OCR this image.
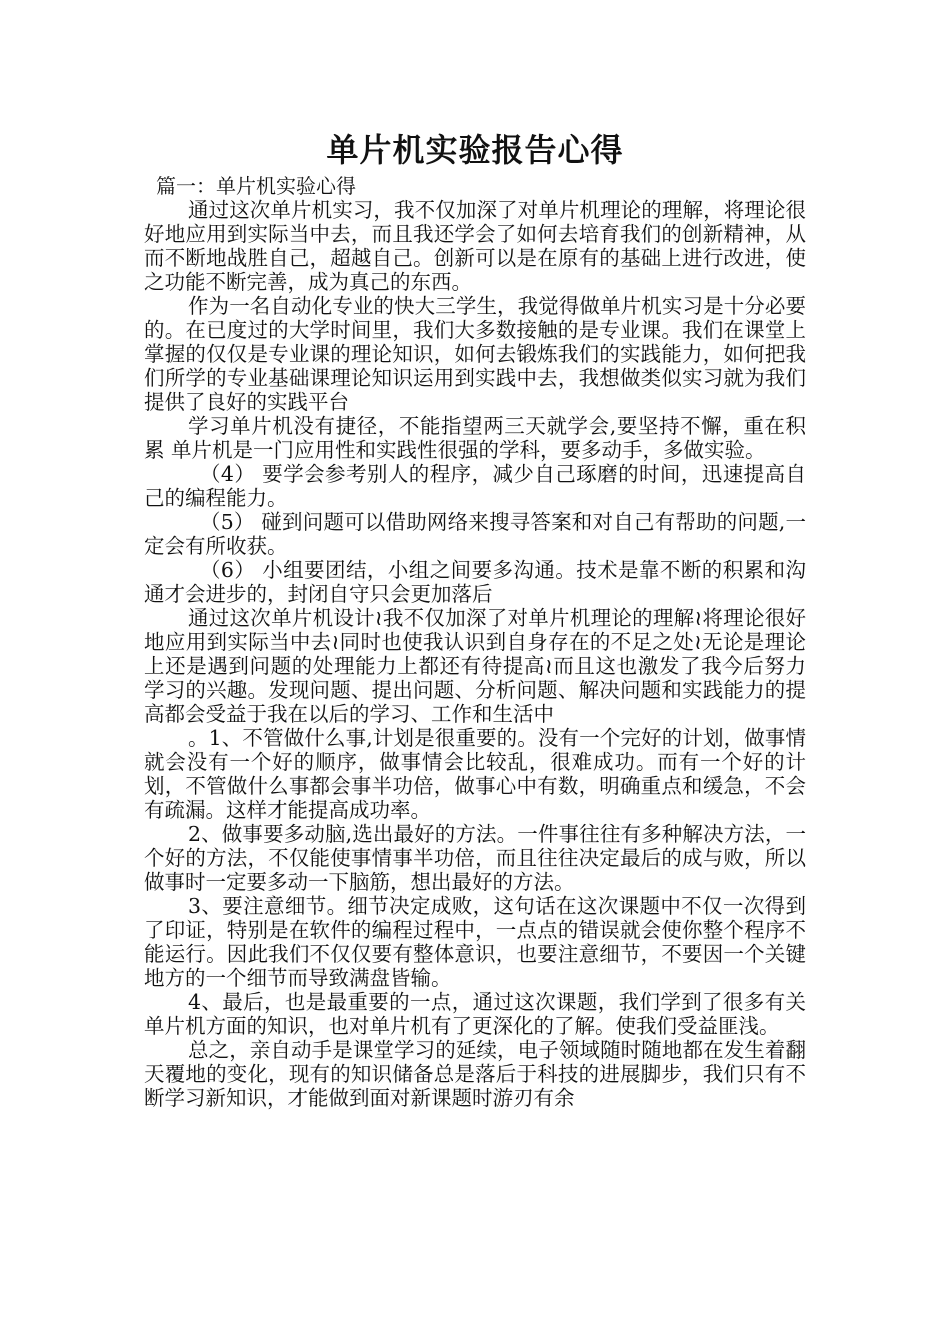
单片机实验报告心得

篇一：单片机实验心得

通过这次单片机实习，我不仅加深了对单片机理论的理解，将理论很好地应用到实际当中去，而且我还学会了如何去培育我们的创新精神，从而不断地战胜自己，超越自己。创新可以是在原有的基础上进行改进，使之功能不断完善，成为真己的东西。

作为一名自动化专业的快大三学生，我觉得做单片机实习是十分必要的。在已度过的大学时间里，我们大多数接触的是专业课。我们在课堂上掌握的仅仅是专业课的理论知识，如何去锻炼我们的实践能力，如何把我们所学的专业基础课理论知识运用到实践中去，我想做类似实习就为我们提供了良好的实践平台

学习单片机没有捷径，不能指望两三天就学会,要坚持不懈，重在积累 单片机是一门应用性和实践性很强的学科，要多动手，多做实验。

（4） 要学会参考别人的程序，减少自己琢磨的时间，迅速提高自己的编程能力。

（5） 碰到问题可以借助网络来搜寻答案和对自己有帮助的问题,一定会有所收获。

（6） 小组要团结，小组之间要多沟通。技术是靠不断的积累和沟通才会进步的，封闭自守只会更加落后

通过这次单片机设计≀我不仅加深了对单片机理论的理解≀将理论很好地应用到实际当中去≀同时也使我认识到自身存在的不足之处≀无论是理论上还是遇到问题的处理能力上都还有待提高≀而且这也激发了我今后努力学习的兴趣。发现问题、提出问题、分析问题、解决问题和实践能力的提高都会受益于我在以后的学习、工作和生活中

。1、不管做什么事,计划是很重要的。没有一个完好的计划，做事情就会没有一个好的顺序，做事情会比较乱，很难成功。而有一个好的计划，不管做什么事都会事半功倍，做事心中有数，明确重点和缓急，不会有疏漏。这样才能提高成功率。

2、做事要多动脑,选出最好的方法。一件事往往有多种解决方法，一个好的方法，不仅能使事情事半功倍，而且往往决定最后的成与败，所以做事时一定要多动一下脑筋，想出最好的方法。

3、要注意细节。细节决定成败，这句话在这次课题中不仅一次得到了印证，特别是在软件的编程过程中，一点点的错误就会使你整个程序不能运行。因此我们不仅仅要有整体意识，也要注意细节，不要因一个关键地方的一个细节而导致满盘皆输。

4、最后，也是最重要的一点，通过这次课题，我们学到了很多有关单片机方面的知识，也对单片机有了更深化的了解。使我们受益匪浅。

总之，亲自动手是课堂学习的延续，电子领域随时随地都在发生着翻天覆地的变化，现有的知识储备总是落后于科技的进展脚步，我们只有不断学习新知识，才能做到面对新课题时游刃有余
